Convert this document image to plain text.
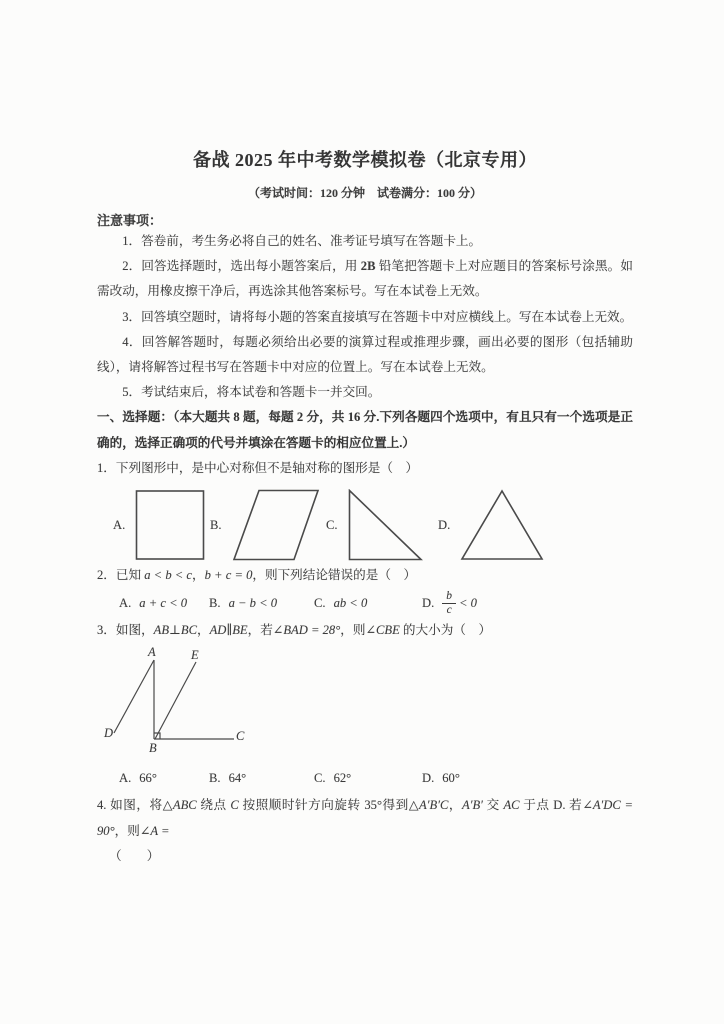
备战 2025 年中考数学模拟卷（北京专用）

（考试时间：120 分钟　试卷满分：100 分）

注意事项：

1．答卷前，考生务必将自己的姓名、准考证号填写在答题卡上。

2．回答选择题时，选出每小题答案后，用 2B 铅笔把答题卡上对应题目的答案标号涂黑。如需改动，用橡皮擦干净后，再选涂其他答案标号。写在本试卷上无效。

3．回答填空题时，请将每小题的答案直接填写在答题卡中对应横线上。写在本试卷上无效。

4．回答解答题时，每题必须给出必要的演算过程或推理步骤，画出必要的图形（包括辅助线），请将解答过程书写在答题卡中对应的位置上。写在本试卷上无效。

5．考试结束后，将本试卷和答题卡一并交回。

一、选择题：（本大题共 8 题，每题 2 分，共 16 分.下列各题四个选项中，有且只有一个选项是正确的，选择正确项的代号并填涂在答题卡的相应位置上.）

1．下列图形中，是中心对称但不是轴对称的图形是（　）

A.	B.	C.	D.

2．已知 a < b < c，b + c = 0，则下列结论错误的是（　）

A. a + c < 0 B. a − b < 0	C. ab < 0	D. $\frac{b}{c} < 0$

3．如图，AB⊥BC，AD∥BE，若∠BAD = 28°，则∠CBE 的大小为（　）

A	E
D
B
C
A. 66°	B. 64°	C. 62°	D. 60°

4. 如图，将△ABC 绕点 C 按照顺时针方向旋转 35°得到△A′B′C，A′B′ 交 AC 于点 D. 若∠A′DC = 90°，则∠A =

（　　）
